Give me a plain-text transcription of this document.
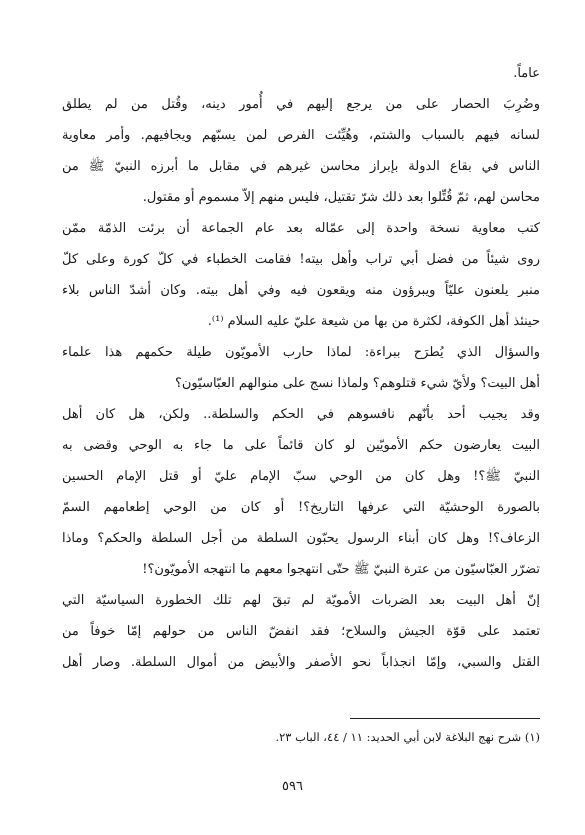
عاماً.
وضُرِبَ الحصار على من يرجع إليهم في أُمور دينه، وقُتل من لم يطلق
لسانه فيهم بالسباب والشتم، وهُيِّئت الفرص لمن يسبّهم ويجافيهم. وأمر معاوية
الناس في بقاع الدولة بإبراز محاسن غيرهم في مقابل ما أبرزه النبيّ ﷺ من
محاسن لهم، ثمّ قُتِّلوا بعد ذلك شرّ تقتيل، فليس منهم إلاّ مسموم أو مقتول.
كتب معاوية نسخة واحدة إلى عمّاله بعد عام الجماعة أن برئت الذمّة ممّن
روى شيئاً من فضل أبي تراب وأهل بيته! فقامت الخطباء في كلّ كورة وعلى كلّ
منبر يلعنون عليّاً ويبرؤون منه ويقعون فيه وفي أهل بيته. وكان أشدّ الناس بلاء
حينئذ أهل الكوفة، لكثرة من بها من شيعة عليّ عليه السلام ⁽¹⁾.
والسؤال الذي يُطرَح ببراءة: لماذا حارب الأمويّون طيلة حكمهم هذا علماء
أهل البيت؟ ولأيّ شيء قتلوهم؟ ولماذا نسج على منوالهم العبّاسيّون؟
وقد يجيب أحد بأنّهم نافسوهم في الحكم والسلطة.. ولكن، هل كان أهل
البيت يعارضون حكم الأمويّين لو كان قائماً على ما جاء به الوحي وقضى به
النبيّ ﷺ؟! وهل كان من الوحي سبّ الإمام عليّ أو قتل الإمام الحسين
بالصورة الوحشيّة التي عرفها التاريخ؟! أو كان من الوحي إطعامهم السمّ
الزعاف؟! وهل كان أبناء الرسول يحبّون السلطة من أجل السلطة والحكم؟ وماذا
تضرّر العبّاسيّون من عترة النبيّ ﷺ حتّى انتهجوا معهم ما انتهجه الأمويّون؟!
إنّ أهل البيت بعد الضربات الأمويّة لم تبقَ لهم تلك الخطورة السياسيّة التي
تعتمد على قوّة الجيش والسلاح؛ فقد انفضّ الناس من حولهم إمّا خوفاً من
القتل والسبي، وإمّا انجذاباً نحو الأصفر والأبيض من أموال السلطة. وصار أهل
(١) شرح نهج البلاغة لابن أبي الحديد: ١١ / ٤٤، الباب ٢٣.
٥٩٦
